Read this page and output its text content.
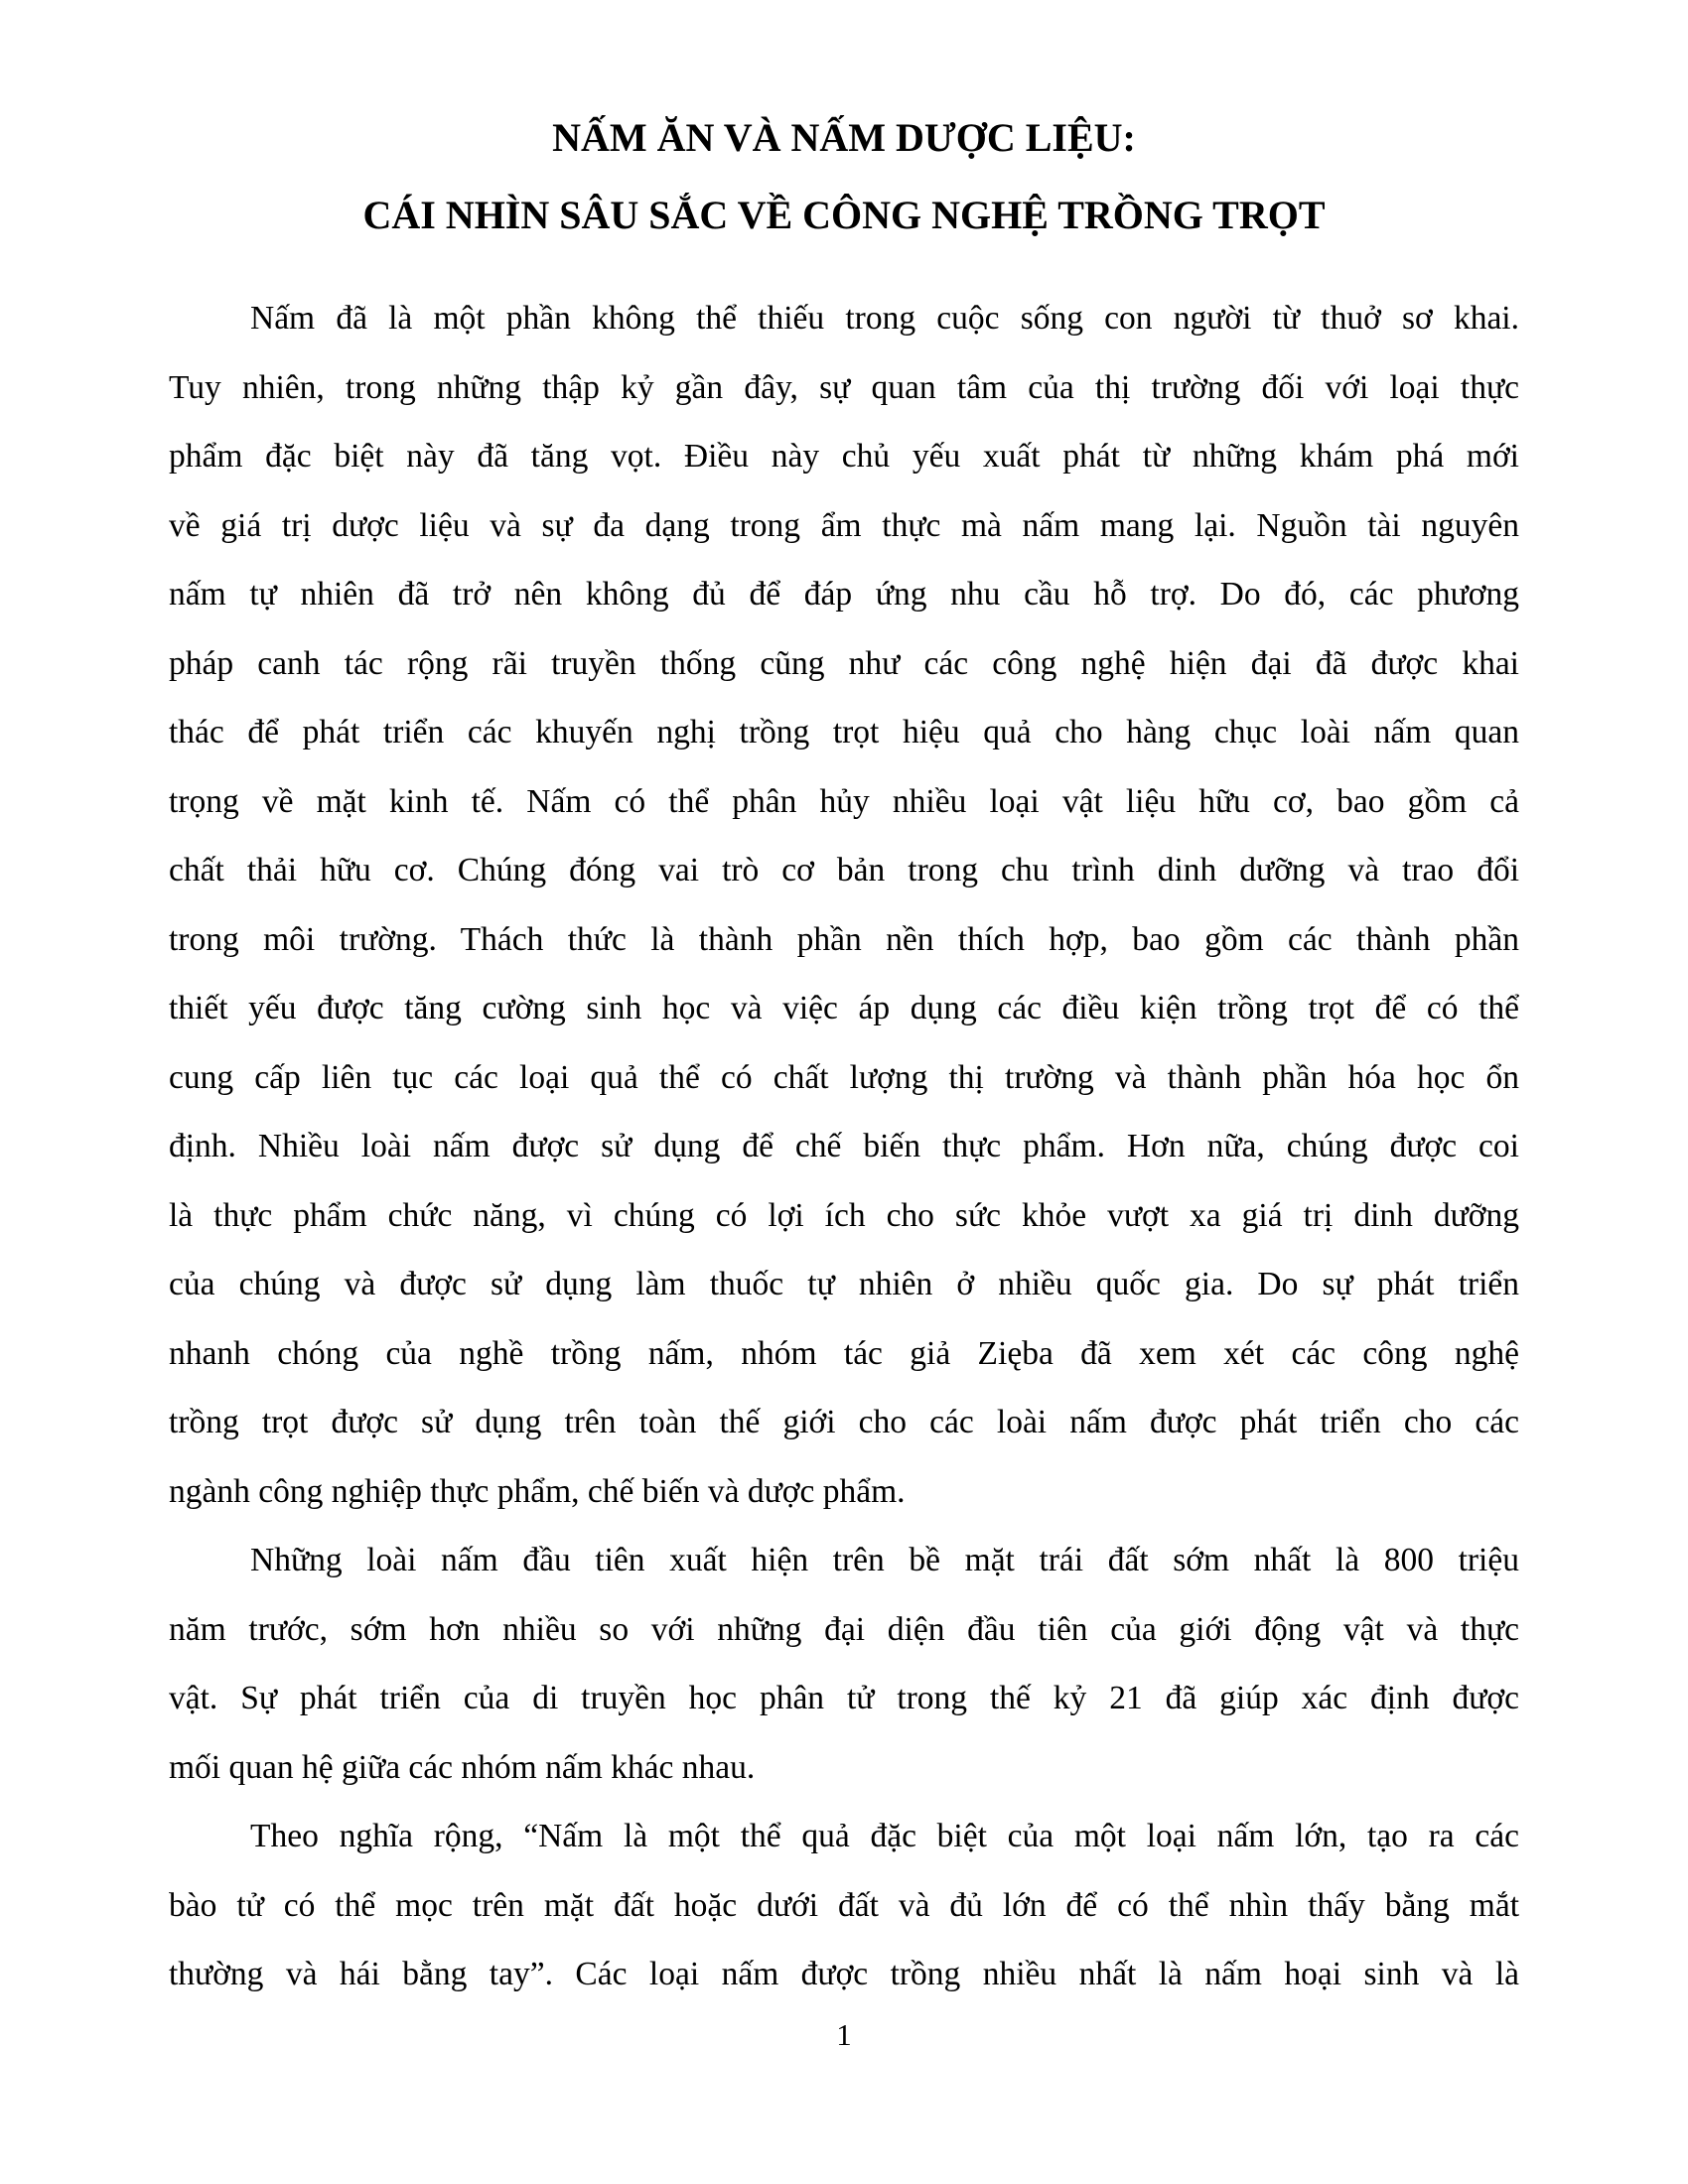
NẤM ĂN VÀ NẤM DƯỢC LIỆU:
CÁI NHÌN SÂU SẮC VỀ CÔNG NGHỆ TRỒNG TRỌT
Nấm đã là một phần không thể thiếu trong cuộc sống con người từ thuở sơ khai.
Tuy nhiên, trong những thập kỷ gần đây, sự quan tâm của thị trường đối với loại thực
phẩm đặc biệt này đã tăng vọt. Điều này chủ yếu xuất phát từ những khám phá mới
về giá trị dược liệu và sự đa dạng trong ẩm thực mà nấm mang lại. Nguồn tài nguyên
nấm tự nhiên đã trở nên không đủ để đáp ứng nhu cầu hỗ trợ. Do đó, các phương
pháp canh tác rộng rãi truyền thống cũng như các công nghệ hiện đại đã được khai
thác để phát triển các khuyến nghị trồng trọt hiệu quả cho hàng chục loài nấm quan
trọng về mặt kinh tế. Nấm có thể phân hủy nhiều loại vật liệu hữu cơ, bao gồm cả
chất thải hữu cơ. Chúng đóng vai trò cơ bản trong chu trình dinh dưỡng và trao đổi
trong môi trường. Thách thức là thành phần nền thích hợp, bao gồm các thành phần
thiết yếu được tăng cường sinh học và việc áp dụng các điều kiện trồng trọt để có thể
cung cấp liên tục các loại quả thể có chất lượng thị trường và thành phần hóa học ổn
định. Nhiều loài nấm được sử dụng để chế biến thực phẩm. Hơn nữa, chúng được coi
là thực phẩm chức năng, vì chúng có lợi ích cho sức khỏe vượt xa giá trị dinh dưỡng
của chúng và được sử dụng làm thuốc tự nhiên ở nhiều quốc gia. Do sự phát triển
nhanh chóng của nghề trồng nấm, nhóm tác giả Zięba đã xem xét các công nghệ
trồng trọt được sử dụng trên toàn thế giới cho các loài nấm được phát triển cho các
ngành công nghiệp thực phẩm, chế biến và dược phẩm.
Những loài nấm đầu tiên xuất hiện trên bề mặt trái đất sớm nhất là 800 triệu
năm trước, sớm hơn nhiều so với những đại diện đầu tiên của giới động vật và thực
vật. Sự phát triển của di truyền học phân tử trong thế kỷ 21 đã giúp xác định được
mối quan hệ giữa các nhóm nấm khác nhau.
Theo nghĩa rộng, “Nấm là một thể quả đặc biệt của một loại nấm lớn, tạo ra các
bào tử có thể mọc trên mặt đất hoặc dưới đất và đủ lớn để có thể nhìn thấy bằng mắt
thường và hái bằng tay”. Các loại nấm được trồng nhiều nhất là nấm hoại sinh và là
1
